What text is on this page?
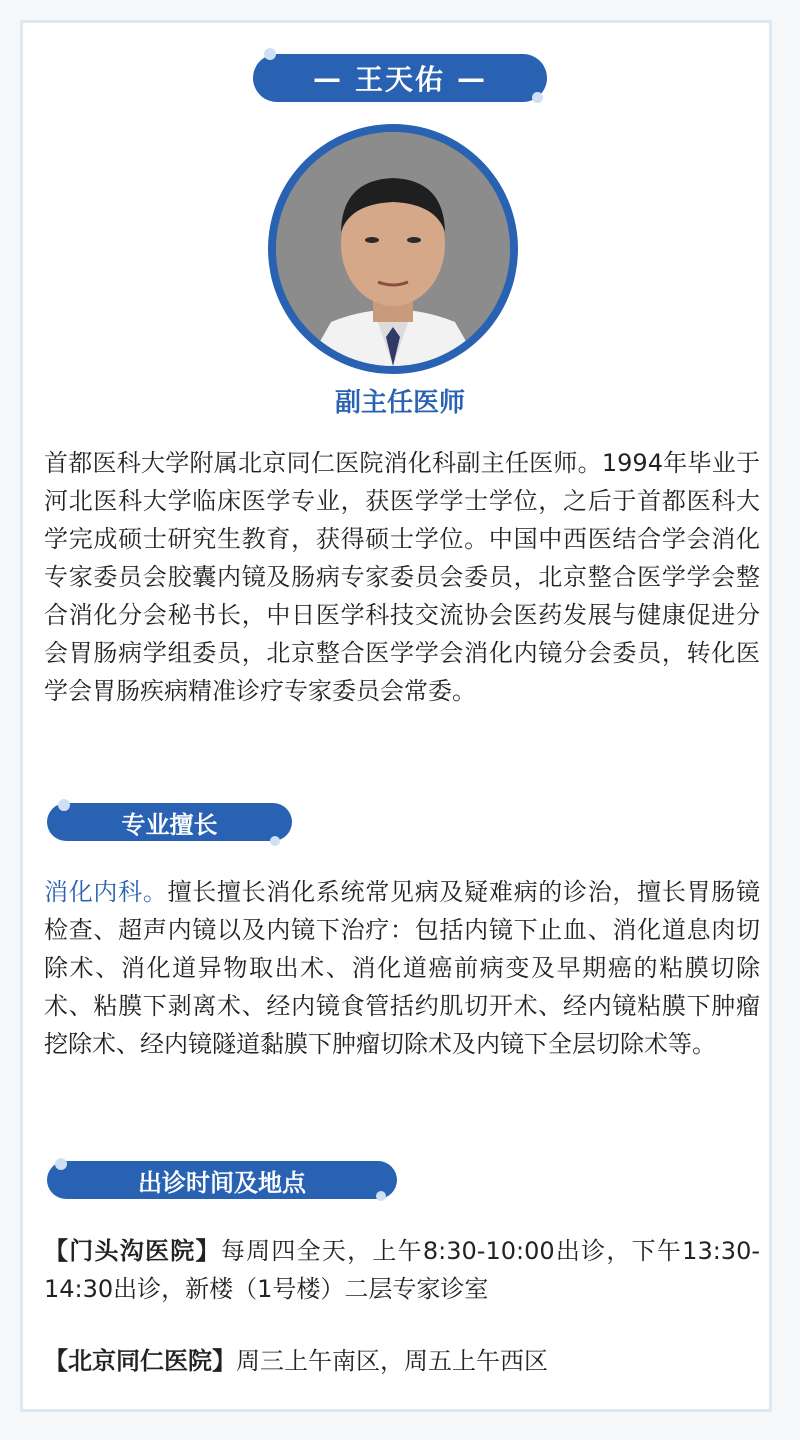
— 王天佑 —
副主任医师
首都医科大学附属北京同仁医院消化科副主任医师。1994年毕业于河北医科大学临床医学专业，获医学学士学位，之后于首都医科大学完成硕士研究生教育，获得硕士学位。中国中西医结合学会消化专家委员会胶囊内镜及肠病专家委员会委员，北京整合医学学会整合消化分会秘书长，中日医学科技交流协会医药发展与健康促进分会胃肠病学组委员，北京整合医学学会消化内镜分会委员，转化医学会胃肠疾病精准诊疗专家委员会常委。
专业擅长
消化内科。擅长擅长消化系统常见病及疑难病的诊治，擅长胃肠镜检查、超声内镜以及内镜下治疗：包括内镜下止血、消化道息肉切除术、消化道异物取出术、消化道癌前病变及早期癌的粘膜切除术、粘膜下剥离术、经内镜食管括约肌切开术、经内镜粘膜下肿瘤挖除术、经内镜隧道黏膜下肿瘤切除术及内镜下全层切除术等。
出诊时间及地点
【门头沟医院】每周四全天，上午8:30-10:00出诊，下午13:30-14:30出诊，新楼（1号楼）二层专家诊室
【北京同仁医院】周三上午南区，周五上午西区
